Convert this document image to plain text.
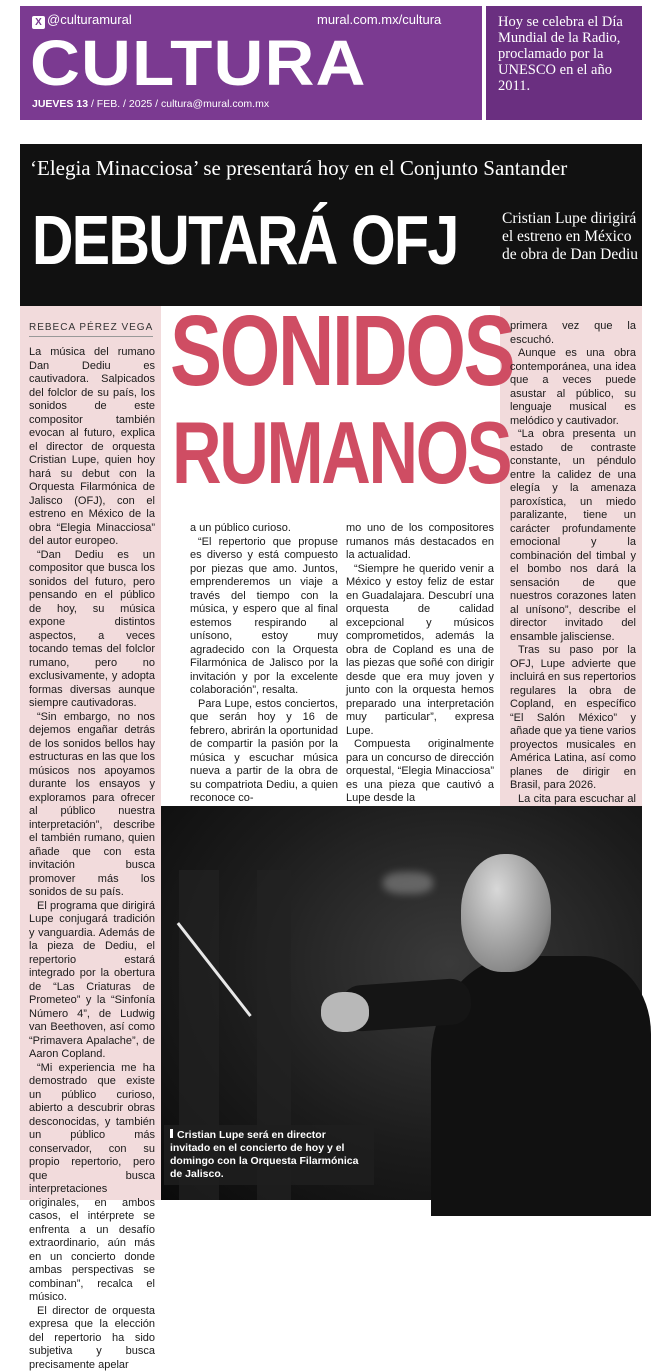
X @culturamural	mural.com.mx/cultura
CULTURA
JUEVES 13 / FEB. / 2025 / cultura@mural.com.mx
Hoy se celebra el Día Mundial de la Radio, proclamado por la UNESCO en el año 2011.
‘Elegia Minacciosa’ se presentará hoy en el Conjunto Santander
DEBUTARÁ OFJ	Cristian Lupe dirigirá el estreno en México de obra de Dan Dediu
REBECA PÉREZ VEGA SONIDOS
RUMANOS

La música del rumano Dan Dediu es cautivadora. Salpicados del folclor de su país, los sonidos de este compositor también evocan al futuro, explica el director de orquesta Cristian Lupe, quien hoy hará su debut con la Orquesta Filarmónica de Jalisco (OFJ), con el estreno en México de la obra “Elegia Minacciosa” del autor europeo.

“Dan Dediu es un compositor que busca los sonidos del futuro, pero pensando en el público de hoy, su música expone distintos aspectos, a veces tocando temas del folclor rumano, pero no exclusivamente, y adopta formas diversas aunque siempre cautivadoras.

“Sin embargo, no nos dejemos engañar detrás de los sonidos bellos hay estructuras en las que los músicos nos apoyamos durante los ensayos y exploramos para ofrecer al público nuestra interpretación”, describe el también rumano, quien añade que con esta invitación busca promover más los sonidos de su país.

El programa que dirigirá Lupe conjugará tradición y vanguardia. Además de la pieza de Dediu, el repertorio estará integrado por la obertura de “Las Criaturas de Prometeo” y la “Sinfonía Número 4”, de Ludwig van Beethoven, así como “Primavera Apalache”, de Aaron Copland.

“Mi experiencia me ha demostrado que existe un público curioso, abierto a descubrir obras desconocidas, y también un público más conservador, con su propio repertorio, pero que busca interpretaciones originales, en ambos casos, el intérprete se enfrenta a un desafío extraordinario, aún más en un concierto donde ambas perspectivas se combinan”, recalca el músico.

El director de orquesta expresa que la elección del repertorio ha sido subjetiva y busca precisamente apelar

a un público curioso.

“El repertorio que propuse es diverso y está compuesto por piezas que amo. Juntos, emprenderemos un viaje a través del tiempo con la música, y espero que al final estemos respirando al unísono, estoy muy agradecido con la Orquesta Filarmónica de Jalisco por la invitación y por la excelente colaboración”, resalta.

Para Lupe, estos conciertos, que serán hoy y 16 de febrero, abrirán la oportunidad de compartir la pasión por la música y escuchar música nueva a partir de la obra de su compatriota Dediu, a quien reconoce co-

mo uno de los compositores rumanos más destacados en la actualidad.

“Siempre he querido venir a México y estoy feliz de estar en Guadalajara. Descubrí una orquesta de calidad excepcional y músicos comprometidos, además la obra de Copland es una de las piezas que soñé con dirigir desde que era muy joven y junto con la orquesta hemos preparado una interpretación muy particular”, expresa Lupe.

Compuesta originalmente para un concurso de dirección orquestal, “Elegia Minacciosa” es una pieza que cautivó a Lupe desde la

primera vez que la escuchó.

Aunque es una obra contemporánea, una idea que a veces puede asustar al público, su lenguaje musical es melódico y cautivador.

“La obra presenta un estado de contraste constante, un péndulo entre la calidez de una elegía y la amenaza paroxística, un miedo paralizante, tiene un carácter profundamente emocional y la combinación del timbal y el bombo nos dará la sensación de que nuestros corazones laten al unísono”, describe el director invitado del ensamble jalisciense.

Tras su paso por la OFJ, Lupe advierte que incluirá en sus repertorios regulares la obra de Copland, en específico “El Salón México” y añade que ya tiene varios proyectos musicales en América Latina, así como planes de dirigir en Brasil, para 2026.

La cita para escuchar al

Cristian Lupe será en director invitado en el concierto de hoy y el domingo con la Orquesta Filarmónica de Jalisco.
